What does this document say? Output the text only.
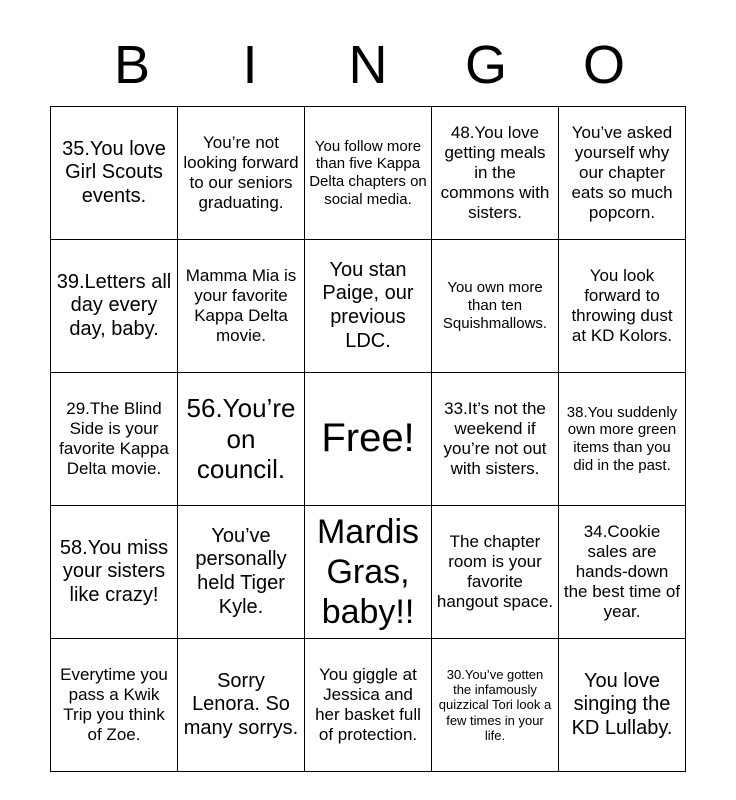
B	I	N	G	O
35.You love Girl Scouts events.	You’re not looking forward to our seniors graduating.	You follow more than five Kappa Delta chapters on social media.	48.You love getting meals in the commons with sisters.	You’ve asked yourself why our chapter eats so much popcorn.

39.Letters all day every day, baby.	Mamma Mia is your favorite Kappa Delta movie.	You stan Paige, our previous LDC.	You own more than ten Squishmallows.	You look forward to throwing dust at KD Kolors.

29.The Blind Side is your favorite Kappa Delta movie.	56.You’re on council.	Free!	33.It’s not the weekend if you’re not out with sisters.	38.You suddenly own more green items than you did in the past.

58.You miss your sisters like crazy!	You’ve personally held Tiger Kyle.	Mardis Gras, baby!!	The chapter room is your favorite hangout space.	34.Cookie sales are hands-down the best time of year.

Everytime you pass a Kwik Trip you think of Zoe.	Sorry Lenora. So many sorrys.	You giggle at Jessica and her basket full of protection.	30.You’ve gotten the infamously quizzical Tori look a few times in your life.	You love singing the KD Lullaby.
